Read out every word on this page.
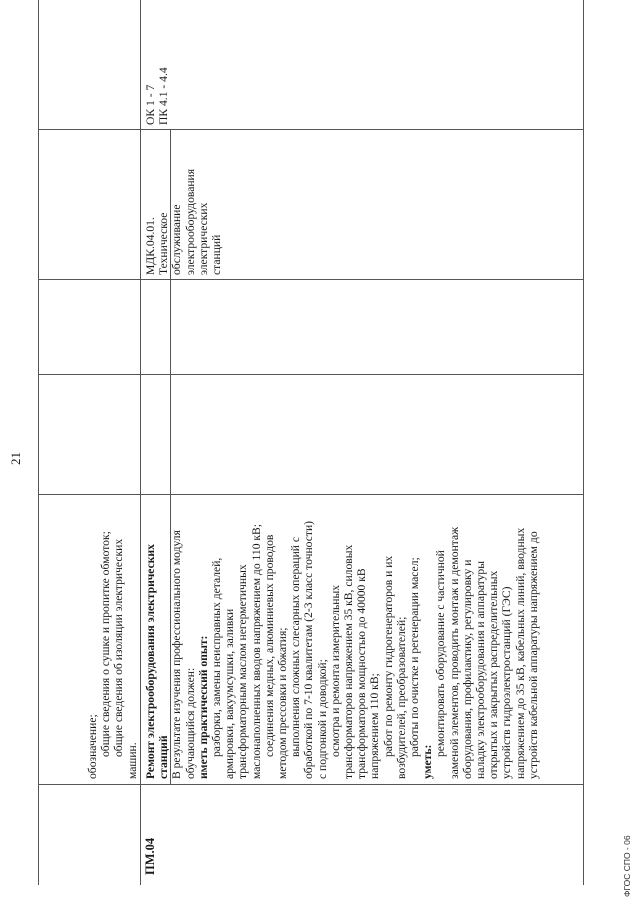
21
обозначение; общие сведения о сушке и пропитке обмоток; общие сведения об изоляции электрических
машин.
ПМ.04
Ремонт электрооборудования электрических станций В результате изучения профессионального модуля обучающийся должен: иметь практический опыт: разборки, замены неисправных деталей, армировки, вакуумсушки, заливки трансформаторным маслом негерметичных маслонаполненных вводов напряжением до 110 кВ; соединения медных, алюминиевых проводов методом прессовки и обжатия; выполнения сложных слесарных операций с обработкой по 7-10 квалитетам (2-3 класс точности) с подгонкой и доводкой; осмотра и ремонта измерительных трансформаторов напряжением 35 кВ, силовых трансформаторов мощностью до 40000 кВ напряжением 110 кВ; работ по ремонту гидрогенераторов и их возбудителей, преобразователей; работы по очистке и регенерации масел;
уметь:
ремонтировать оборудование с частичной заменой элементов, проводить монтаж и демонтаж оборудования, профилактику, регулировку и наладку электрооборудования и аппаратуры открытых и закрытых распределительных устройств гидроэлектростанций (ГЭС) напряжением до 35 кВ, кабельных линий, вводных устройств кабельной аппаратуры напряжением до
МДК.04.01. Техническое обслуживание электрооборудования электрических станций
ОК 1 - 7 ПК 4.1 - 4.4
ФГОС СПО - 06
